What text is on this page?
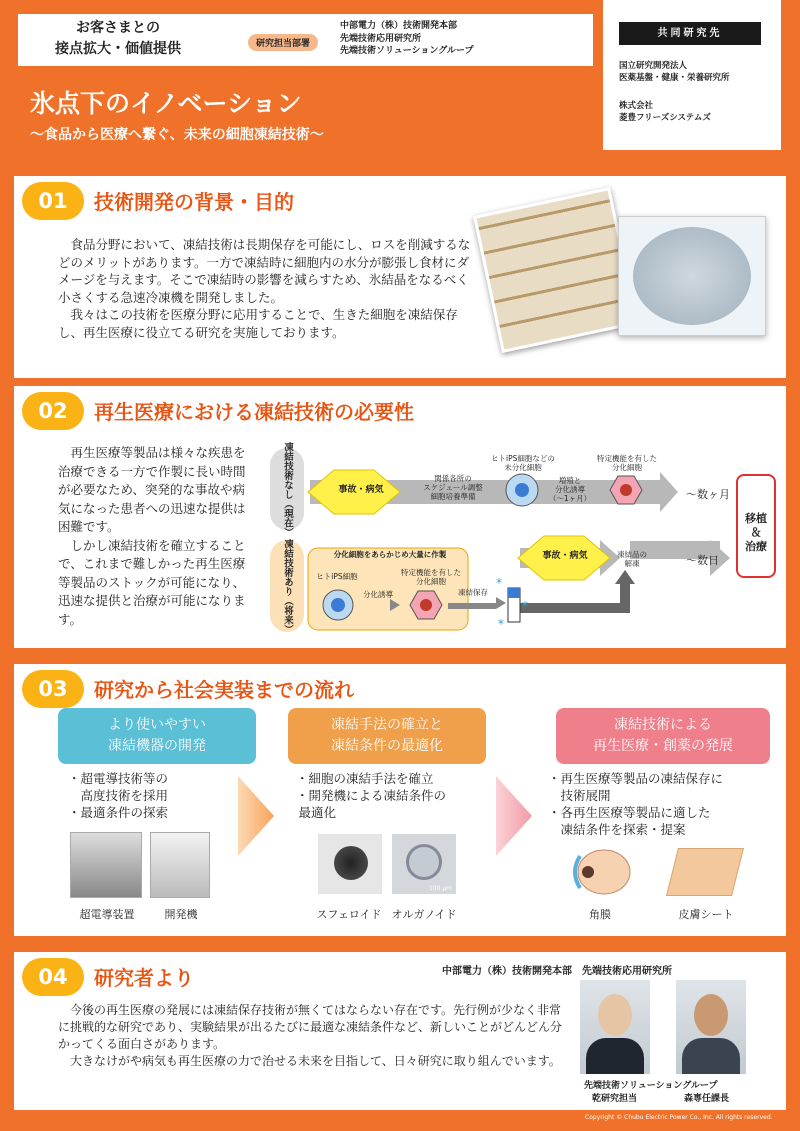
お客さまとの
接点拡大・価値提供	研究担当部署
中部電力（株）技術開発本部
先端技術応用研究所
先端技術ソリューショングループ
氷点下のイノベーション
～食品から医療へ繋ぐ、未来の細胞凍結技術～
共同研究先
国立研究開発法人
医薬基盤・健康・栄養研究所
株式会社
菱豊フリーズシステムズ
01	技術開発の背景・目的

食品分野において、凍結技術は長期保存を可能にし、ロスを削減するなどのメリットがあります。一方で凍結時に細胞内の水分が膨張し食材にダメージを与えます。そこで凍結時の影響を減らすため、氷結晶をなるべく小さくする急速冷凍機を開発しました。

我々はこの技術を医療分野に応用することで、生きた細胞を凍結保存し、再生医療に役立てる研究を実施しております。

02	再生医療における凍結技術の必要性

再生医療等製品は様々な疾患を治療できる一方で作製に長い時間が必要なため、突発的な事故や病気になった患者への迅速な提供は困難です。

しかし凍結技術を確立することで、これまで難しかった再生医療等製品のストックが可能になり、迅速な提供と治療が可能になります。

凍結技術なし（現在）
凍結技術あり（将来）	*
*
*
事故・病気
関係各所の
スケジュール調整
細胞培養準備
ヒトiPS細胞などの
未分化細胞
増殖と
分化誘導
（～1ヶ月）
特定機能を有した
分化細胞
～数ヶ月
～数日
移植
＆
治療
分化細胞をあらかじめ大量に作製
ヒトiPS細胞
分化誘導
特定機能を有した
分化細胞
凍結保存
事故・病気	凍結品の
解凍
03	研究から社会実装までの流れ
より使いやすい
凍結機器の開発
・超電導技術等の
高度技術を採用
・最適条件の探索
超電導装置	開発機
凍結手法の確立と
凍結条件の最適化
・細胞の凍結手法を確立
・開発機による凍結条件の
最適化
100 μm
スフェロイド オルガノイド
凍結技術による
再生医療・創薬の発展
・再生医療等製品の凍結保存に
技術展開
・各再生医療等製品に適した
凍結条件を探索・提案
角膜	皮膚シート
04	研究者より	中部電力（株）技術開発本部　先端技術応用研究所

今後の再生医療の発展には凍結保存技術が無くてはならない存在です。先行例が少なく非常に挑戦的な研究であり、実験結果が出るたびに最適な凍結条件など、新しいことがどんどん分かってくる面白さがあります。

大きなけがや病気も再生医療の力で治せる未来を目指して、日々研究に取り組んでいます。

先端技術ソリューショングループ
乾研究担当	森専任課長
Copyright © Chubu Electric Power Co., Inc. All rights reserved.
